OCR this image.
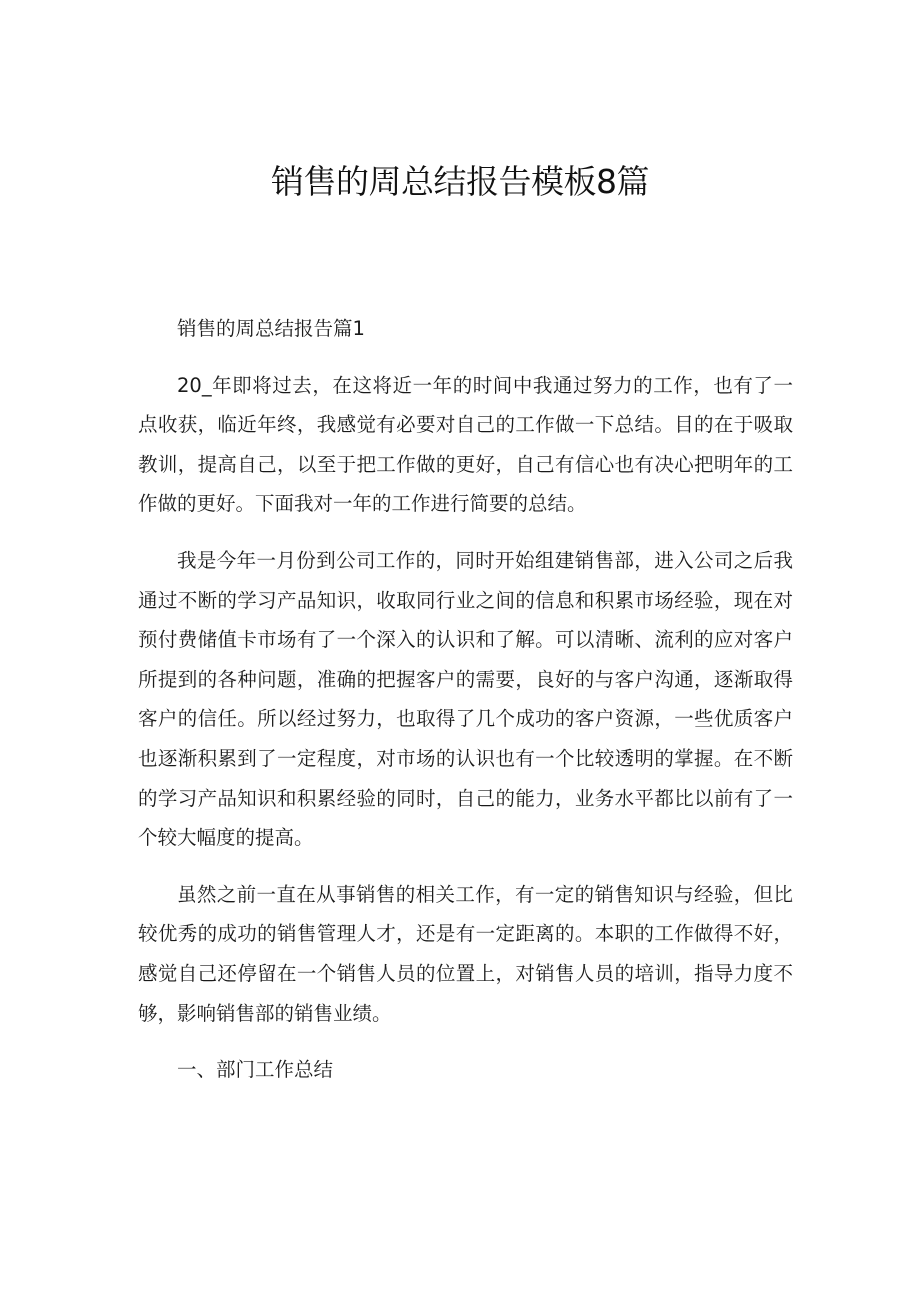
销售的周总结报告模板8篇

销售的周总结报告篇1

20_年即将过去，在这将近一年的时间中我通过努力的工作，也有了一点收获，临近年终，我感觉有必要对自己的工作做一下总结。目的在于吸取教训，提高自己，以至于把工作做的更好，自己有信心也有决心把明年的工作做的更好。下面我对一年的工作进行简要的总结。

我是今年一月份到公司工作的，同时开始组建销售部，进入公司之后我通过不断的学习产品知识，收取同行业之间的信息和积累市场经验，现在对预付费储值卡市场有了一个深入的认识和了解。可以清晰、流利的应对客户所提到的各种问题，准确的把握客户的需要，良好的与客户沟通，逐渐取得客户的信任。所以经过努力，也取得了几个成功的客户资源，一些优质客户也逐渐积累到了一定程度，对市场的认识也有一个比较透明的掌握。在不断的学习产品知识和积累经验的同时，自己的能力，业务水平都比以前有了一个较大幅度的提高。

虽然之前一直在从事销售的相关工作，有一定的销售知识与经验，但比较优秀的成功的销售管理人才，还是有一定距离的。本职的工作做得不好，感觉自己还停留在一个销售人员的位置上，对销售人员的培训，指导力度不够，影响销售部的销售业绩。

一、部门工作总结
